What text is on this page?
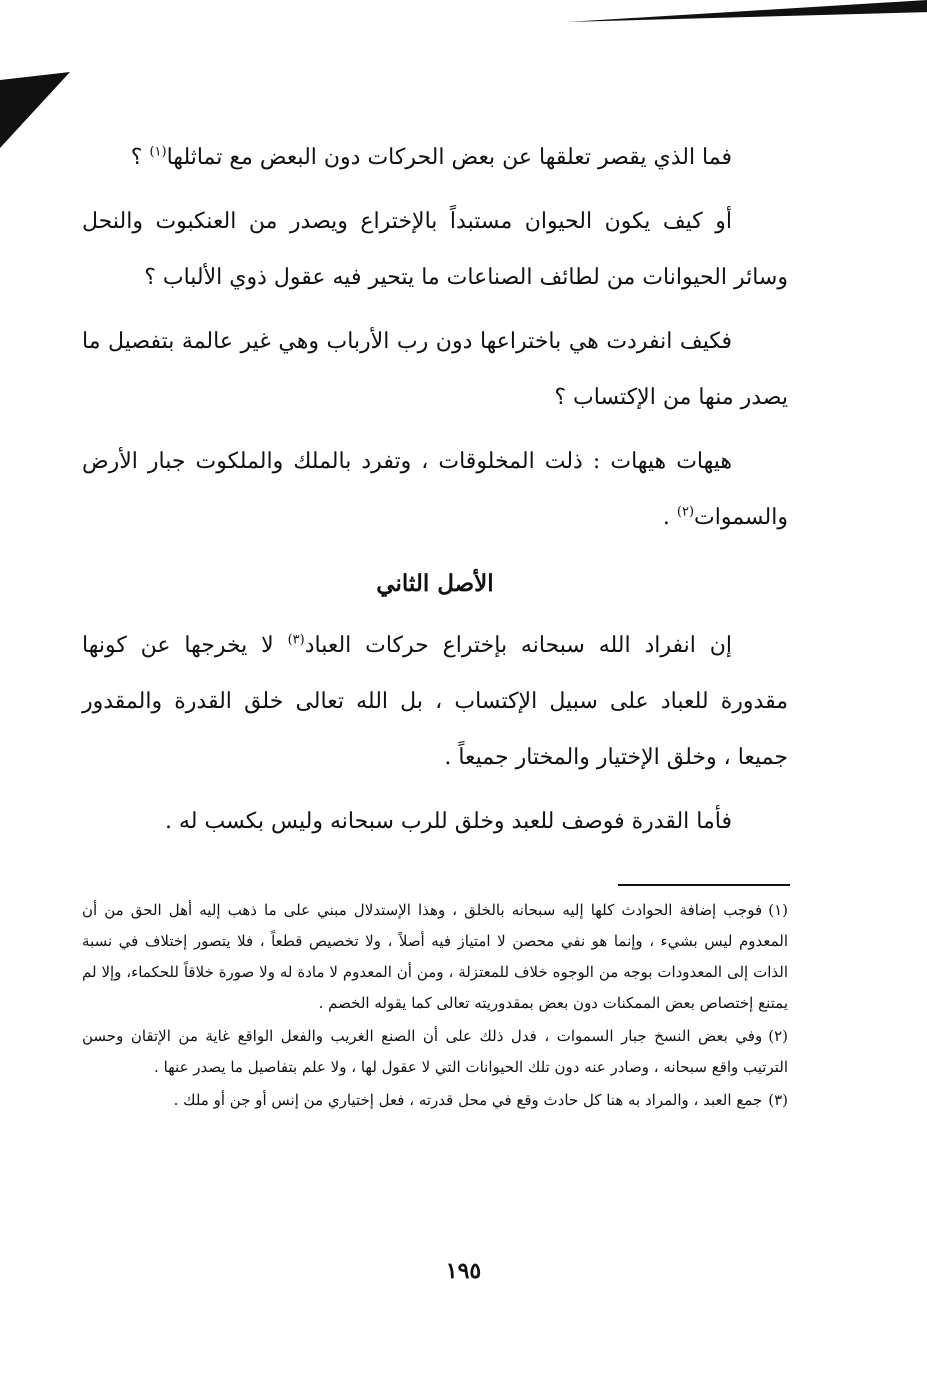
فما الذي يقصر تعلقها عن بعض الحركات دون البعض مع تماثلها$^{(١)}$ ؟

أو كيف يكون الحيوان مستبداً بالإختراع ويصدر من العنكبوت والنحل وسائر الحيوانات من لطائف الصناعات ما يتحير فيه عقول ذوي الألباب ؟

فكيف انفردت هي باختراعها دون رب الأرباب وهي غير عالمة بتفصيل ما يصدر منها من الإكتساب ؟

هيهات هيهات : ذلت المخلوقات ، وتفرد بالملك والملكوت جبار الأرض والسموات$^{(٢)}$ .

الأصل الثاني

إن انفراد الله سبحانه بإختراع حركات العباد$^{(٣)}$ لا يخرجها عن كونها مقدورة للعباد على سبيل الإكتساب ، بل الله تعالى خلق القدرة والمقدور جميعا ، وخلق الإختيار والمختار جميعاً .

فأما القدرة فوصف للعبد وخلق للرب سبحانه وليس بكسب له .

(١)فوجب إضافة الحوادث كلها إليه سبحانه بالخلق ، وهذا الإستدلال مبني على ما ذهب إليه أهل الحق من أن المعدوم ليس بشيء ، وإنما هو نفي محصن لا امتياز فيه أصلاً ، ولا تخصيص قطعاً ، فلا يتصور إختلاف في نسبة الذات إلى المعدودات بوجه من الوجوه خلاف للمعتزلة ، ومن أن المعدوم لا مادة له ولا صورة خلاقاً للحكماء، وإلا لم يمتنع إختصاص بعض الممكنات دون بعض بمقدوريته تعالى كما يقوله الخصم .

(٢)وفي بعض النسخ جبار السموات ، فدل ذلك على أن الصنع الغريب والفعل الواقع غاية من الإتقان وحسن الترتيب واقع سبحانه ، وصادر عنه دون تلك الحيوانات التي لا عقول لها ، ولا علم بتفاصيل ما يصدر عنها .

(٣)جمع العبد ، والمراد به هنا كل حادث وقع في محل قدرته ، فعل إختياري من إنس أو جن أو ملك .

١٩٥
